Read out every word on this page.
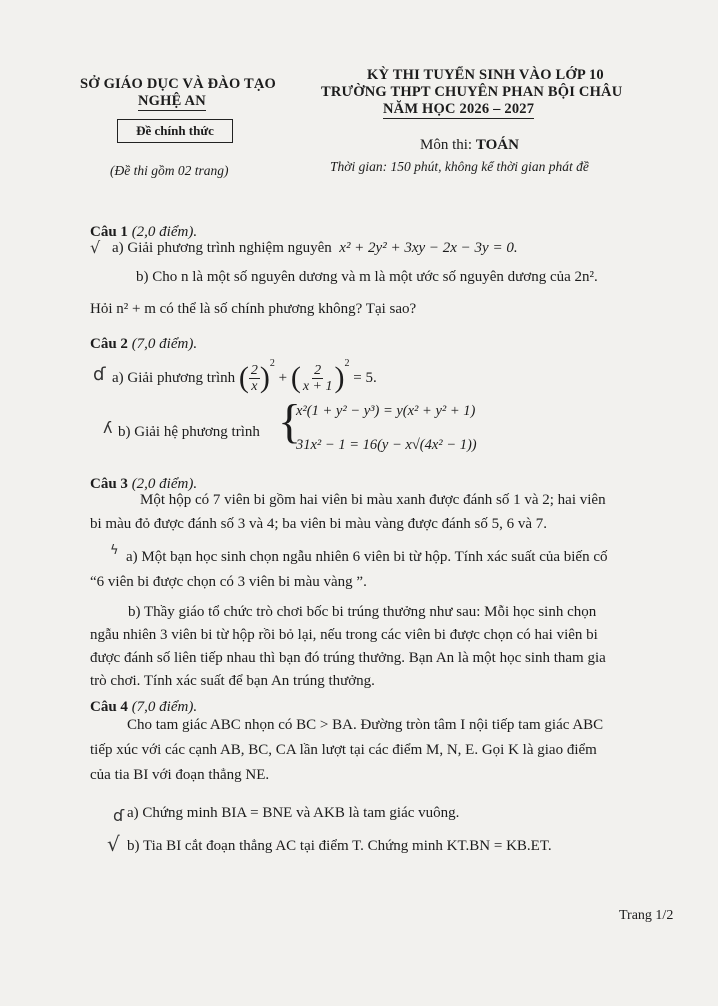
SỞ GIÁO DỤC VÀ ĐÀO TẠO
NGHỆ AN
Đề chính thức
(Đề thi gồm 02 trang)
KỲ THI TUYỂN SINH VÀO LỚP 10
TRƯỜNG THPT CHUYÊN PHAN BỘI CHÂU
NĂM HỌC 2026 – 2027
Môn thi: TOÁN
Thời gian: 150 phút, không kể thời gian phát đề
Câu 1 (2,0 điểm).
√ a) Giải phương trình nghiệm nguyên x² + 2y² + 3xy − 2x − 3y = 0.
b) Cho n là một số nguyên dương và m là một ước số nguyên dương của 2n².
Hỏi n² + m có thể là số chính phương không? Tại sao?
Câu 2 (7,0 điểm).
ɗ a) Giải phương trình
( $\frac{2}{x} )^2$
+ ( $\frac{2}{x + 1} )^2$

= 5.
ʎ b) Giải hệ phương trình {
x²(1 + y² − y³) = y(x² + y² + 1)
31x² − 1 = 16(y − x√(4x² − 1))
Câu 3 (2,0 điểm).
Một hộp có 7 viên bi gồm hai viên bi màu xanh được đánh số 1 và 2; hai viên
bi màu đỏ được đánh số 3 và 4; ba viên bi màu vàng được đánh số 5, 6 và 7.
ϟ a) Một bạn học sinh chọn ngẫu nhiên 6 viên bi từ hộp. Tính xác suất của biến cố
“6 viên bi được chọn có 3 viên bi màu vàng ”.
b) Thầy giáo tổ chức trò chơi bốc bi trúng thưởng như sau: Mỗi học sinh chọn
ngẫu nhiên 3 viên bi từ hộp rồi bỏ lại, nếu trong các viên bi được chọn có hai viên bi
được đánh số liên tiếp nhau thì bạn đó trúng thưởng. Bạn An là một học sinh tham gia
trò chơi. Tính xác suất để bạn An trúng thưởng.
Câu 4 (7,0 điểm).
Cho tam giác ABC nhọn có BC > BA. Đường tròn tâm I nội tiếp tam giác ABC
tiếp xúc với các cạnh AB, BC, CA lần lượt tại các điểm M, N, E. Gọi K là giao điểm
của tia BI với đoạn thẳng NE.
ɗ a) Chứng minh BIA = BNE và AKB là tam giác vuông.
√ b) Tia BI cắt đoạn thẳng AC tại điểm T. Chứng minh KT.BN = KB.ET.
Trang 1/2
